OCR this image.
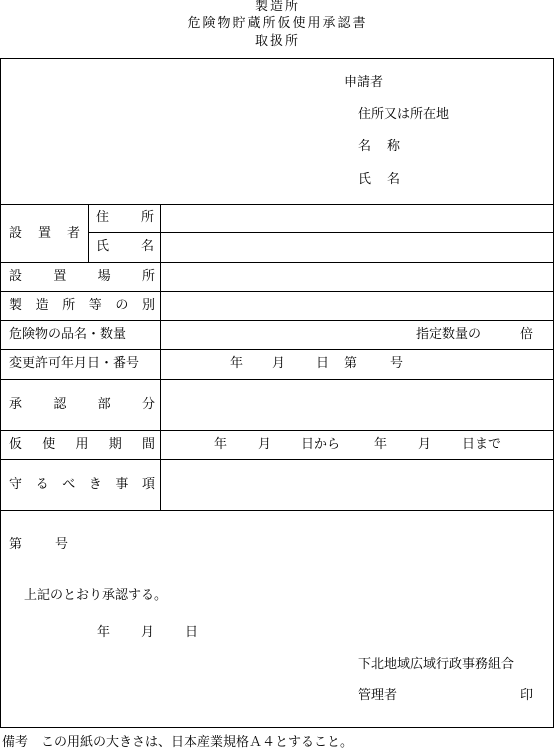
製造所
危険物貯蔵所仮使用承認書
取扱所
申請者
住所又は所在地
名 称
氏 名
設 置 者
住 所
氏 名
設 置 場 所
製 造 所 等 の 別
危険物の品名・数量	指定数量の	倍
変更許可年月日・番号	年 月 日 第	号
承 認 部 分
仮 使 用 期 間	年 月 日から	年 月 日まで
守 る べ き 事 項
第	号
上記のとおり承認する。
年 月 日
下北地域広域行政事務組合
管理者	印
備考　この用紙の大きさは、日本産業規格Ａ４とすること。
